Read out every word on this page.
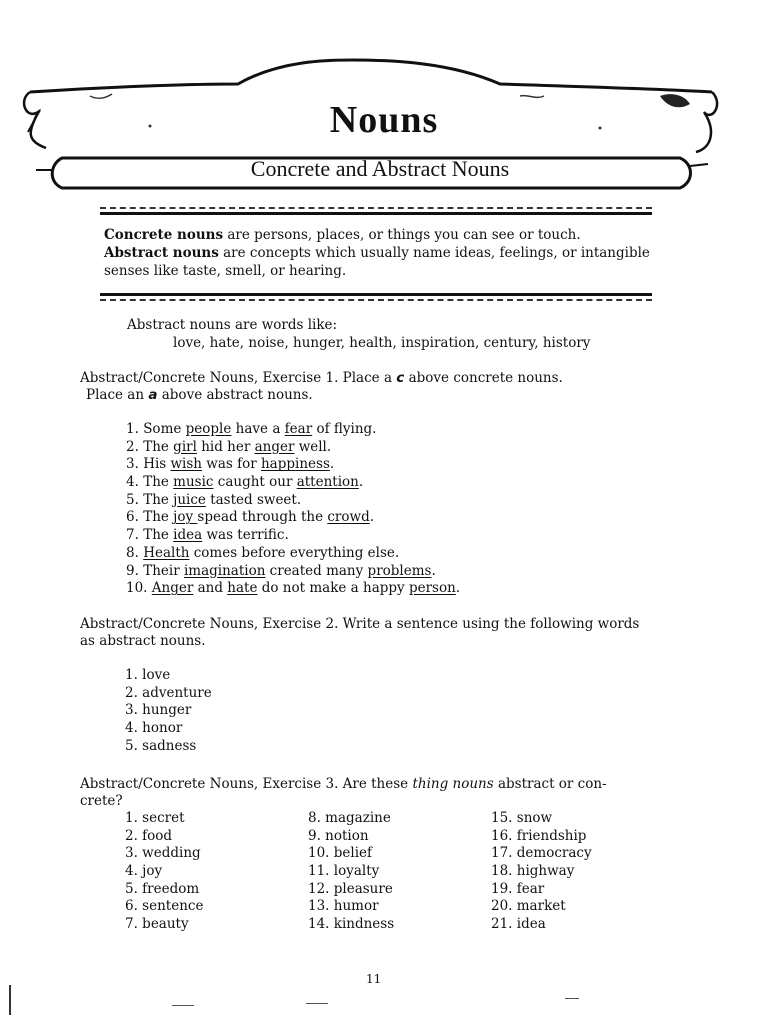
Nouns
Concrete and Abstract Nouns
Concrete nouns are persons, places, or things you can see or touch.
Abstract nouns are concepts which usually name ideas, feelings, or intangible senses like taste, smell, or hearing.
Abstract nouns are words like:
love, hate, noise, hunger, health, inspiration, century, history
Abstract/Concrete Nouns, Exercise 1. Place a c above concrete nouns.
Place an a above abstract nouns.
1. Some people have a fear of flying.
2. The girl hid her anger well.
3. His wish was for happiness.
4. The music caught our attention.
5. The juice tasted sweet.
6. The joy spead through the crowd.
7. The idea was terrific.
8. Health comes before everything else.
9. Their imagination created many problems.
10. Anger and hate do not make a happy person.
Abstract/Concrete Nouns, Exercise 2. Write a sentence using the following words
as abstract nouns.
1. love
2. adventure
3. hunger
4. honor
5. sadness
Abstract/Concrete Nouns, Exercise 3. Are these thing nouns abstract or con-
crete?
1. secret
2. food
3. wedding
4. joy
5. freedom
6. sentence
7. beauty
8. magazine
9. notion
10. belief
11. loyalty
12. pleasure
13. humor
14. kindness
15. snow
16. friendship
17. democracy
18. highway
19. fear
20. market
21. idea
11
